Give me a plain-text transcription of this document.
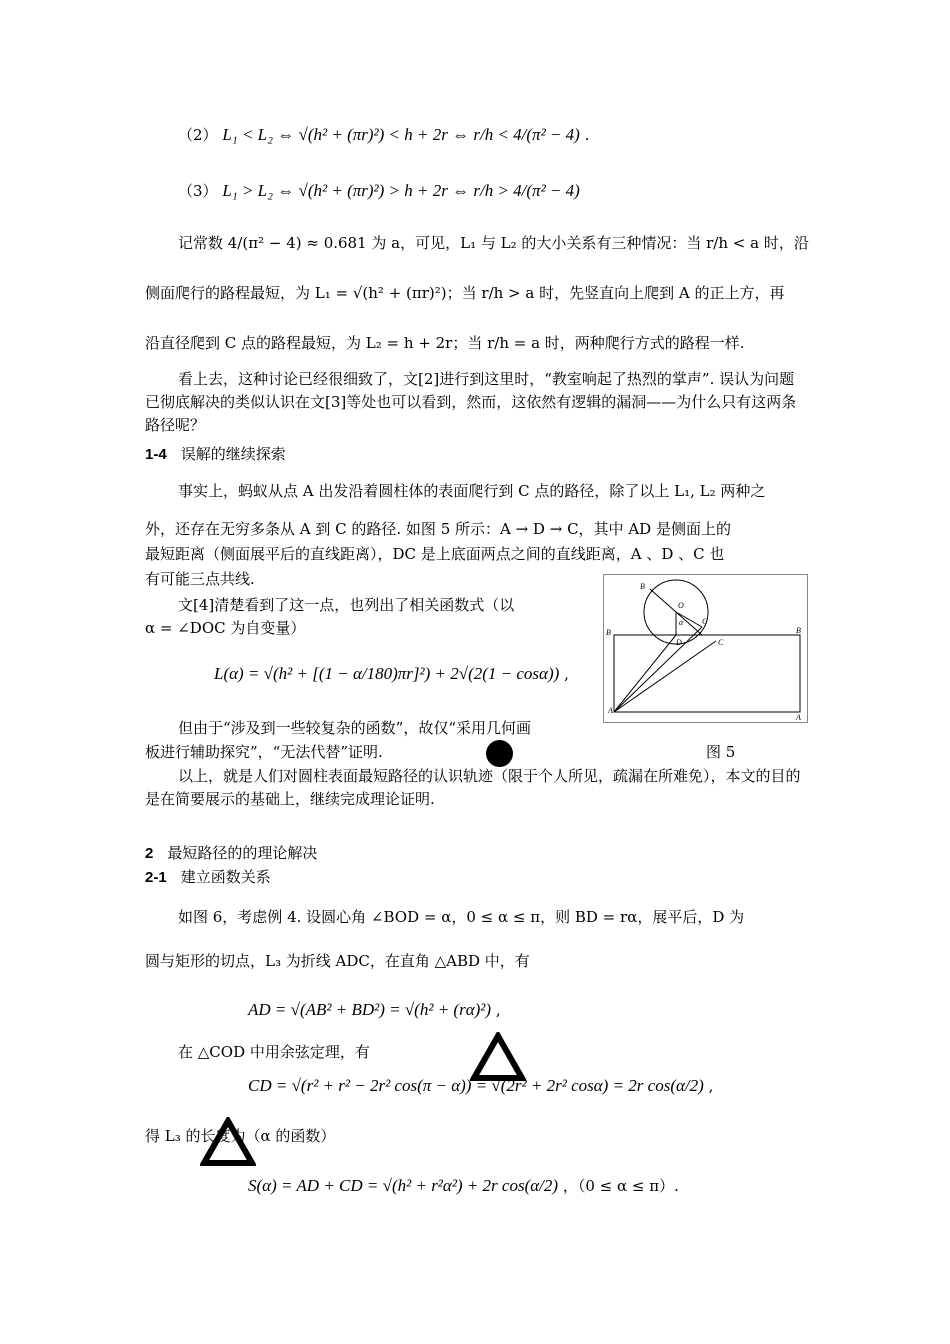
（2） L₁ < L₂ ⇔ √(h² + (πr)²) < h + 2r ⇔ r/h < 4/(π² − 4) .
（3） L₁ > L₂ ⇔ √(h² + (πr)²) > h + 2r ⇔ r/h > 4/(π² − 4)
记常数 4/(π² − 4) ≈ 0.681 为 a，可见，L₁ 与 L₂ 的大小关系有三种情况：当 r/h < a 时，沿
侧面爬行的路程最短，为 L₁ = √(h² + (πr)²)；当 r/h > a 时，先竖直向上爬到 A 的正上方，再
沿直径爬到 C 点的路程最短，为 L₂ = h + 2r；当 r/h = a 时，两种爬行方式的路程一样.
看上去，这种讨论已经很细致了，文[2]进行到这里时，“教室响起了热烈的掌声”. 误认为问题已彻底解决的类似认识在文[3]等处也可以看到，然而，这依然有逻辑的漏洞——为什么只有这两条路径呢？
1-4 误解的继续探索
事实上，蚂蚁从点 A 出发沿着圆柱体的表面爬行到 C 点的路径，除了以上 L₁, L₂ 两种之
外，还存在无穷多条从 A 到 C 的路径. 如图 5 所示：A → D → C，其中 AD 是侧面上的
最短距离（侧面展平后的直线距离），DC 是上底面两点之间的直线距离，A 、D 、C 也
有可能三点共线.
文[4]清楚看到了这一点，也列出了相关函数式（以
α = ∠DOC 为自变量）
L(α) = √(h² + [(1 − α/180)πr]²) + 2√(2(1 − cosα)) ,
B
O
α C
B	B
D	C
A
A
但由于“涉及到一些较复杂的函数”，故仅“采用几何画
板进行辅助探究”，“无法代替”证明.	图 5
以上，就是人们对圆柱表面最短路径的认识轨迹（限于个人所见，疏漏在所难免），本文的目的是在简要展示的基础上，继续完成理论证明.
2 最短路径的的理论解决
2-1 建立函数关系
如图 6，考虑例 4. 设圆心角 ∠BOD = α，0 ≤ α ≤ π，则 BD = rα，展平后，D 为
圆与矩形的切点，L₃ 为折线 ADC，在直角 △ABD 中，有
AD = √(AB² + BD²) = √(h² + (rα)²) ,
在 △COD 中用余弦定理，有
CD = √(r² + r² − 2r² cos(π − α)) = √(2r² + 2r² cosα) = 2r cos(α/2) ,
得 L₃ 的长度为（α 的函数）
S(α) = AD + CD = √(h² + r²α²) + 2r cos(α/2) ，（0 ≤ α ≤ π）.
